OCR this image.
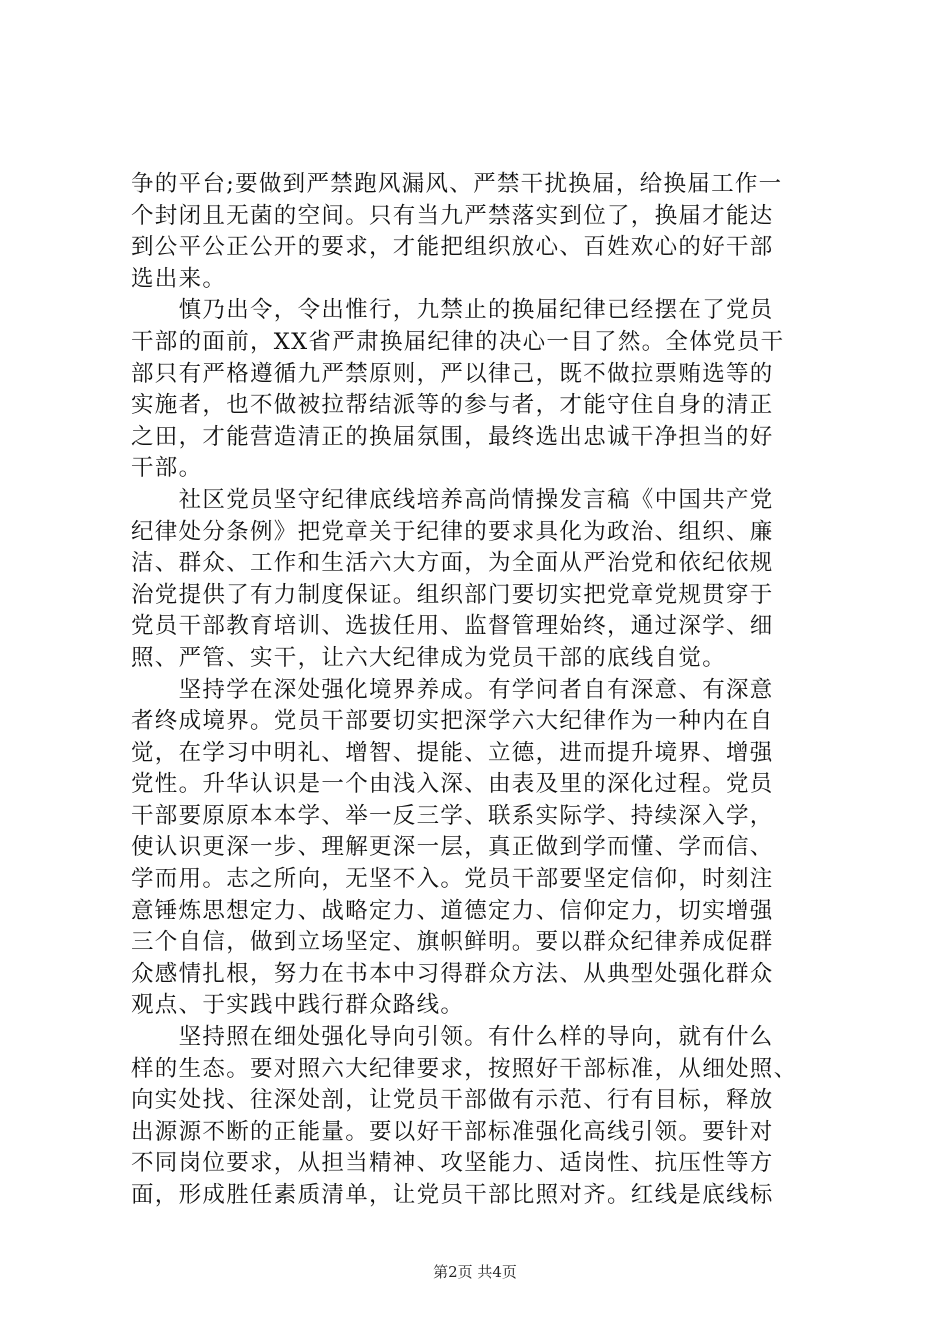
争的平台;要做到严禁跑风漏风、严禁干扰换届，给换届工作一
个封闭且无菌的空间。只有当九严禁落实到位了，换届才能达
到公平公正公开的要求，才能把组织放心、百姓欢心的好干部
选出来。
　　慎乃出令，令出惟行，九禁止的换届纪律已经摆在了党员
干部的面前，XX省严肃换届纪律的决心一目了然。全体党员干
部只有严格遵循九严禁原则，严以律己，既不做拉票贿选等的
实施者，也不做被拉帮结派等的参与者，才能守住自身的清正
之田，才能营造清正的换届氛围，最终选出忠诚干净担当的好
干部。
　　社区党员坚守纪律底线培养高尚情操发言稿《中国共产党
纪律处分条例》把党章关于纪律的要求具化为政治、组织、廉
洁、群众、工作和生活六大方面，为全面从严治党和依纪依规
治党提供了有力制度保证。组织部门要切实把党章党规贯穿于
党员干部教育培训、选拔任用、监督管理始终，通过深学、细
照、严管、实干，让六大纪律成为党员干部的底线自觉。
　　坚持学在深处强化境界养成。有学问者自有深意、有深意
者终成境界。党员干部要切实把深学六大纪律作为一种内在自
觉，在学习中明礼、增智、提能、立德，进而提升境界、增强
党性。升华认识是一个由浅入深、由表及里的深化过程。党员
干部要原原本本学、举一反三学、联系实际学、持续深入学，
使认识更深一步、理解更深一层，真正做到学而懂、学而信、
学而用。志之所向，无坚不入。党员干部要坚定信仰，时刻注
意锤炼思想定力、战略定力、道德定力、信仰定力，切实增强
三个自信，做到立场坚定、旗帜鲜明。要以群众纪律养成促群
众感情扎根，努力在书本中习得群众方法、从典型处强化群众
观点、于实践中践行群众路线。
　　坚持照在细处强化导向引领。有什么样的导向，就有什么
样的生态。要对照六大纪律要求，按照好干部标准，从细处照、
向实处找、往深处剖，让党员干部做有示范、行有目标，释放
出源源不断的正能量。要以好干部标准强化高线引领。要针对
不同岗位要求，从担当精神、攻坚能力、适岗性、抗压性等方
面，形成胜任素质清单，让党员干部比照对齐。红线是底线标
第2页 共4页
